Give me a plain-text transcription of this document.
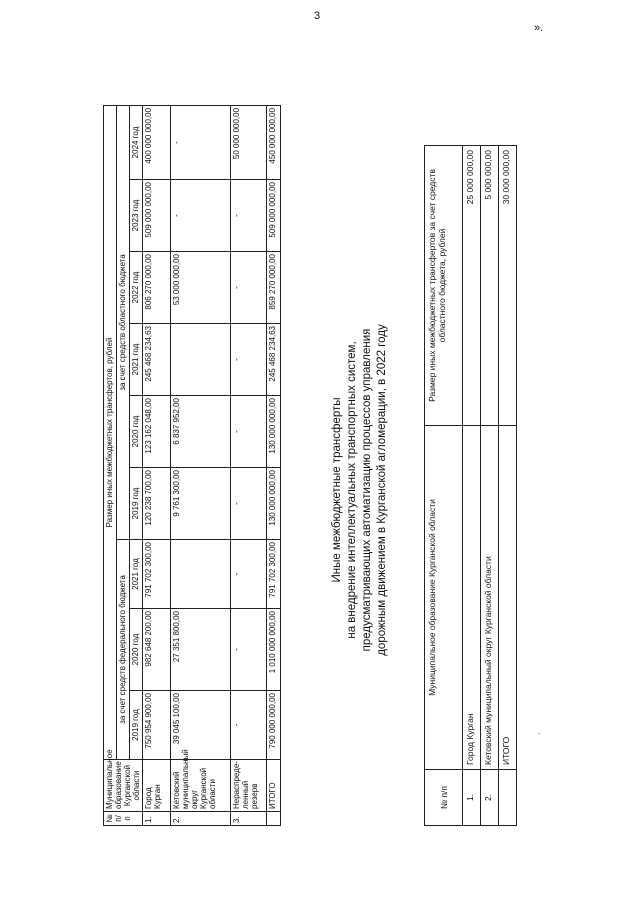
3
№ п/п	Муниципальное образование Курганской области	Размер иных межбюджетных трансфертов, рублей								
		за счет средств федерального бюджета			за счет средств областного бюджета					
		2019 год	2020 год	2021 год	2019 год	2020 год	2021 год	2022 год	2023 год	2024 год
1.	Город Курган	750 954 900,00	982 648 200,00	791 702 300,00	120 238 700,00	123 162 048,00	245 468 234,63	806 270 000,00	509 000 000,00	400 000 000,00
2.	Кетовский муниципальный округ Курганской области	39 045 100,00	27 351 800,00		9 761 300,00	6 837 952,00		53 000 000,00	-	-
3.	Нераспреде-ленный резерв	-	-	-	-	-	-	-	-	50 000 000,00
	ИТОГО	790 000 000,00	1 010 000 000,00	791 702 300,00	130 000 000,00	130 000 000,00	245 468 234,63	859 270 000,00	509 000 000,00	450 000 000,00
Иные межбюджетные трансферты на внедрение интеллектуальных транспортных систем, предусматривающих автоматизацию процессов управления дорожным движением в Курганской агломерации, в 2022 году
№ п/п	Муниципальное образование Курганской области	Размер иных межбюджетных трансфертов за счет средств областного бюджета, рублей
1.	Город Курган	25 000 000,00
2.	Кетовский муниципальный округ Курганской области	5 000 000,00
	ИТОГО	30 000 000,00
».
.
